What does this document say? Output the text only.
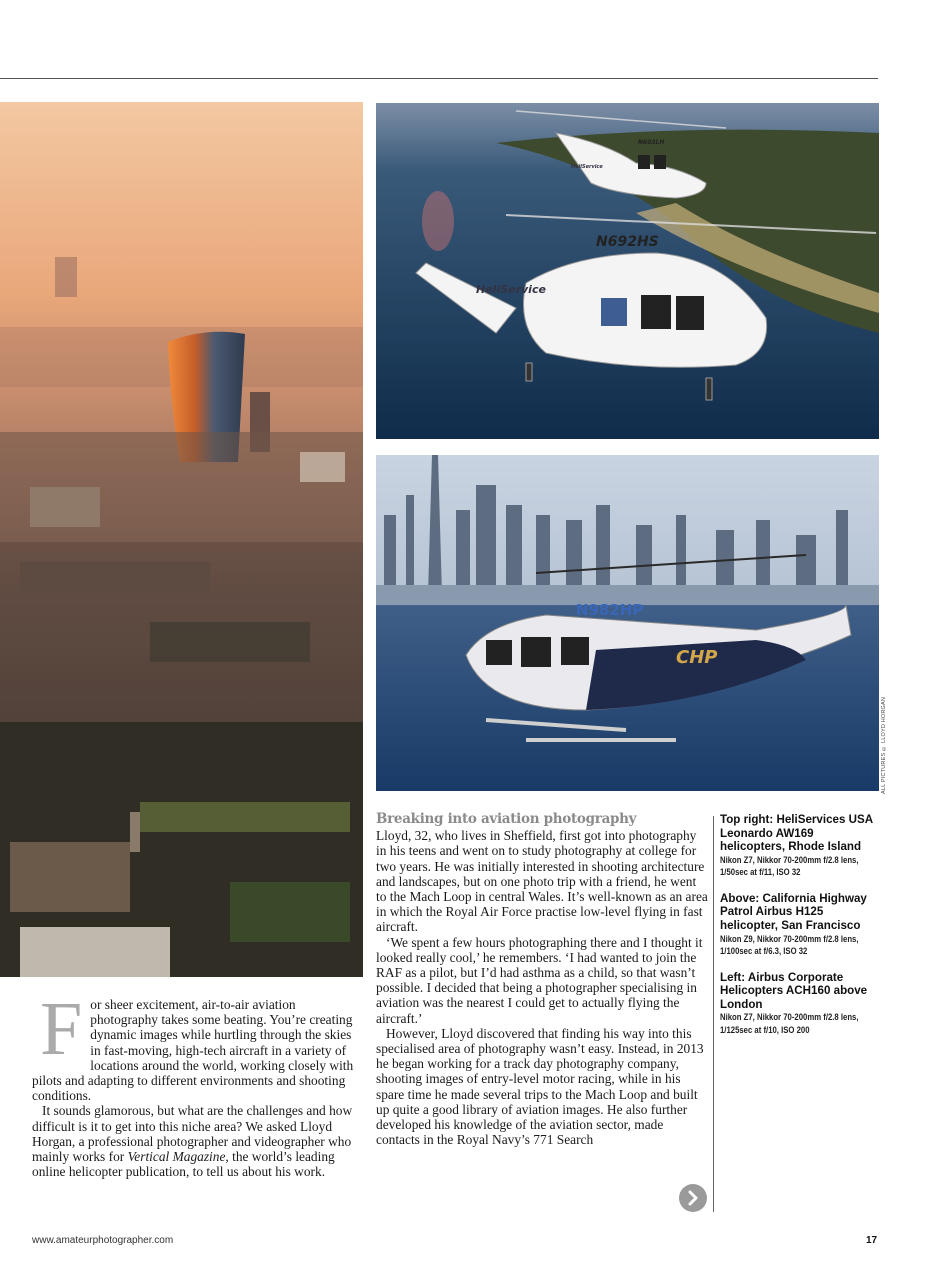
N692HS
HeliService
N603LH
HeliService
N982HP
CHP
ALL PICTURES © LLOYD HORGAN
F or sheer excitement, air-to-air aviation photography takes some beating. You’re creating dynamic images while hurtling through the skies in fast-moving, high-tech aircraft in a variety of locations around the world, working closely with pilots and adapting to different environments and shooting conditions.

It sounds glamorous, but what are the challenges and how difficult is it to get into this niche area? We asked Lloyd Horgan, a professional photographer and videographer who mainly works for Vertical Magazine, the world’s leading online helicopter publication, to tell us about his work.

Breaking into aviation photography

Lloyd, 32, who lives in Sheffield, first got into photography in his teens and went on to study photography at college for two years. He was initially interested in shooting architecture and landscapes, but on one photo trip with a friend, he went to the Mach Loop in central Wales. It’s well-known as an area in which the Royal Air Force practise low-level flying in fast aircraft.

‘We spent a few hours photographing there and I thought it looked really cool,’ he remembers. ‘I had wanted to join the RAF as a pilot, but I’d had asthma as a child, so that wasn’t possible. I decided that being a photographer specialising in aviation was the nearest I could get to actually flying the aircraft.’

However, Lloyd discovered that finding his way into this specialised area of photography wasn’t easy. Instead, in 2013 he began working for a track day photography company, shooting images of entry-level motor racing, while in his spare time he made several trips to the Mach Loop and built up quite a good library of aviation images. He also further developed his knowledge of the aviation sector, made contacts in the Royal Navy’s 771 Search

Top right: HeliServices USA Leonardo AW169 helicopters, Rhode Island
Nikon Z7, Nikkor 70-200mm f/2.8 lens, 1/50sec at f/11, ISO 32
Above: California Highway Patrol Airbus H125 helicopter, San Francisco
Nikon Z9, Nikkor 70-200mm f/2.8 lens, 1/100sec at f/6.3, ISO 32
Left: Airbus Corporate Helicopters ACH160 above London
Nikon Z7, Nikkor 70-200mm f/2.8 lens, 1/125sec at f/10, ISO 200
www.amateurphotographer.com	17
